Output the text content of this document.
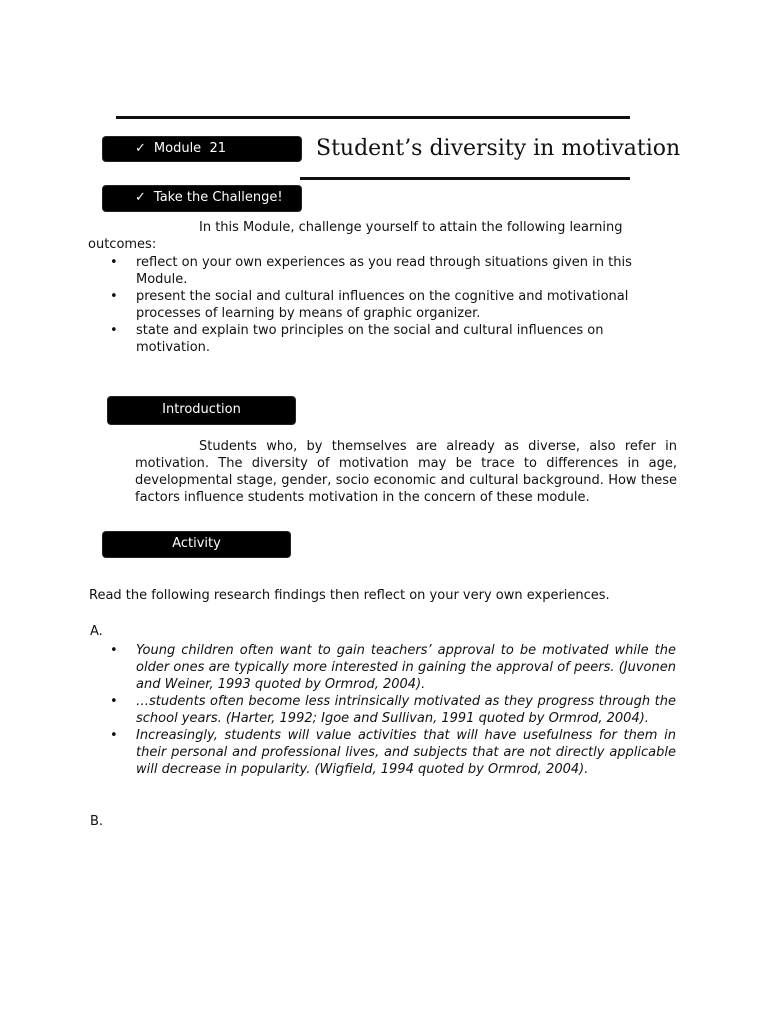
✓ Module  21	Student’s diversity in motivation
✓ Take the Challenge!

In this Module, challenge yourself to attain the following learning

outcomes:

• reflect on your own experiences as you read through situations given in this Module.
• present the social and cultural influences on the cognitive and motivational processes of learning by means of graphic organizer.
• state and explain two principles on the social and cultural influences on motivation.
Introduction

Students who, by themselves are already as diverse, also refer in motivation. The diversity of motivation may be trace to differences in age, developmental stage, gender, socio economic and cultural background. How these factors influence students motivation in the concern of these module.

Activity

Read the following research findings then reflect on your very own experiences.

A.
• Young children often want to gain teachers’ approval to be motivated while the older ones are typically more interested in gaining the approval of peers. (Juvonen and Weiner, 1993 quoted by Ormrod, 2004).
• …students often become less intrinsically motivated as they progress through the school years. (Harter, 1992; Igoe and Sullivan, 1991 quoted by Ormrod, 2004).
• Increasingly, students will value activities that will have usefulness for them in their personal and professional lives, and subjects that are not directly applicable will decrease in popularity. (Wigfield, 1994 quoted by Ormrod, 2004).
B.
